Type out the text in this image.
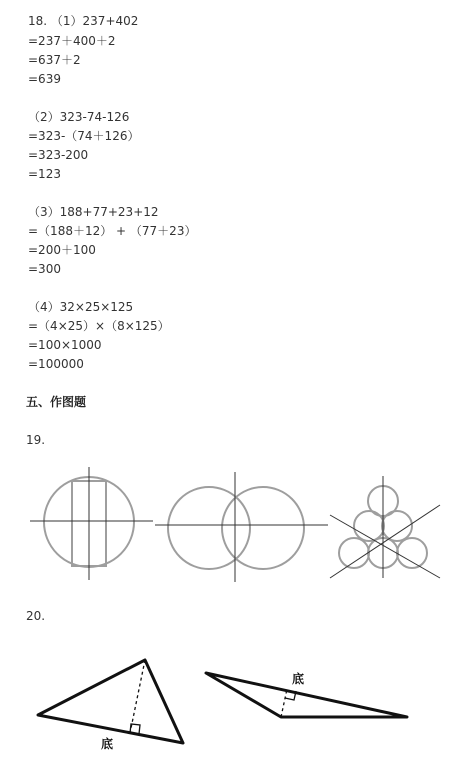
18. （1）237+402
=237＋400＋2
=637＋2
=639
（2）323-74-126
=323-（74＋126）
=323-200
=123
（3）188+77+23+12
=（188＋12） + （77＋23）
=200＋100
=300
（4）32×25×125
=（4×25）×（8×125）
=100×1000
=100000
五、作图题
19.
20.
底
底
